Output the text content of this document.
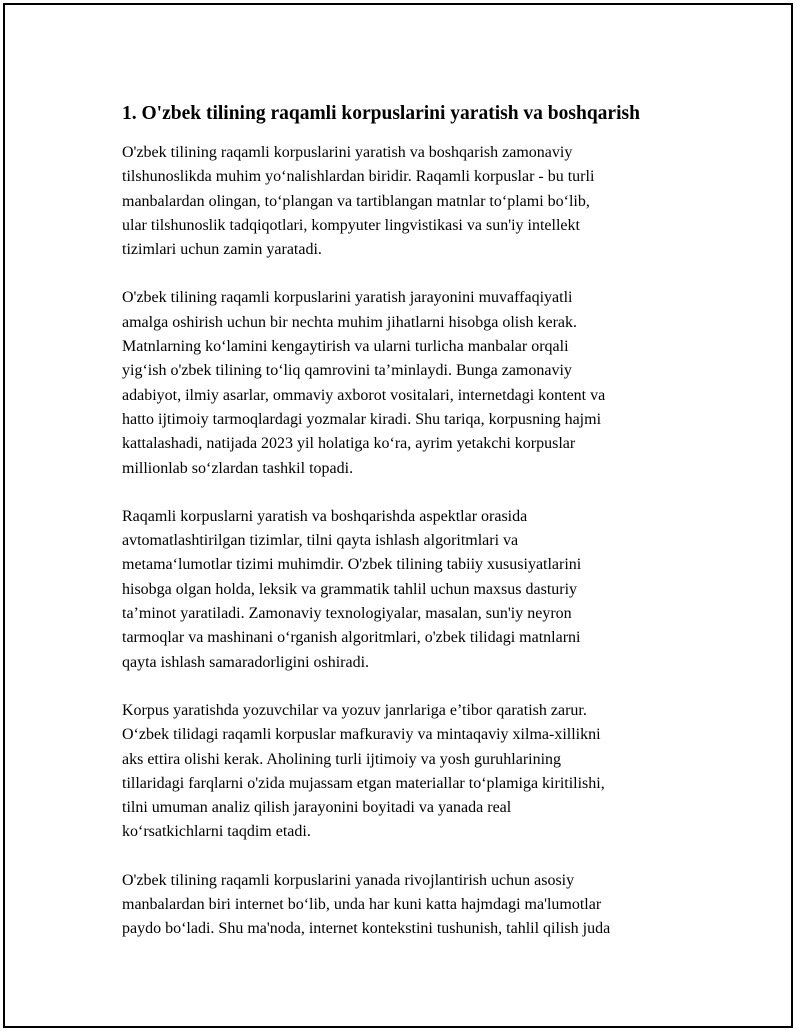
1. O'zbek tilining raqamli korpuslarini yaratish va boshqarish

O'zbek tilining raqamli korpuslarini yaratish va boshqarish zamonaviy
tilshunoslikda muhim yo‘nalishlardan biridir. Raqamli korpuslar - bu turli
manbalardan olingan, to‘plangan va tartiblangan matnlar to‘plami bo‘lib,
ular tilshunoslik tadqiqotlari, kompyuter lingvistikasi va sun'iy intellekt
tizimlari uchun zamin yaratadi.

O'zbek tilining raqamli korpuslarini yaratish jarayonini muvaffaqiyatli
amalga oshirish uchun bir nechta muhim jihatlarni hisobga olish kerak.
Matnlarning ko‘lamini kengaytirish va ularni turlicha manbalar orqali
yig‘ish o'zbek tilining to‘liq qamrovini ta’minlaydi. Bunga zamonaviy
adabiyot, ilmiy asarlar, ommaviy axborot vositalari, internetdagi kontent va
hatto ijtimoiy tarmoqlardagi yozmalar kiradi. Shu tariqa, korpusning hajmi
kattalashadi, natijada 2023 yil holatiga ko‘ra, ayrim yetakchi korpuslar
millionlab so‘zlardan tashkil topadi.

Raqamli korpuslarni yaratish va boshqarishda aspektlar orasida
avtomatlashtirilgan tizimlar, tilni qayta ishlash algoritmlari va
metama‘lumotlar tizimi muhimdir. O'zbek tilining tabiiy xususiyatlarini
hisobga olgan holda, leksik va grammatik tahlil uchun maxsus dasturiy
ta’minot yaratiladi. Zamonaviy texnologiyalar, masalan, sun'iy neyron
tarmoqlar va mashinani o‘rganish algoritmlari, o'zbek tilidagi matnlarni
qayta ishlash samaradorligini oshiradi.

Korpus yaratishda yozuvchilar va yozuv janrlariga e’tibor qaratish zarur.
O‘zbek tilidagi raqamli korpuslar mafkuraviy va mintaqaviy xilma-xillikni
aks ettira olishi kerak. Aholining turli ijtimoiy va yosh guruhlarining
tillaridagi farqlarni o'zida mujassam etgan materiallar to‘plamiga kiritilishi,
tilni umuman analiz qilish jarayonini boyitadi va yanada real
ko‘rsatkichlarni taqdim etadi.

O'zbek tilining raqamli korpuslarini yanada rivojlantirish uchun asosiy
manbalardan biri internet bo‘lib, unda har kuni katta hajmdagi ma'lumotlar
paydo bo‘ladi. Shu ma'noda, internet kontekstini tushunish, tahlil qilish juda
